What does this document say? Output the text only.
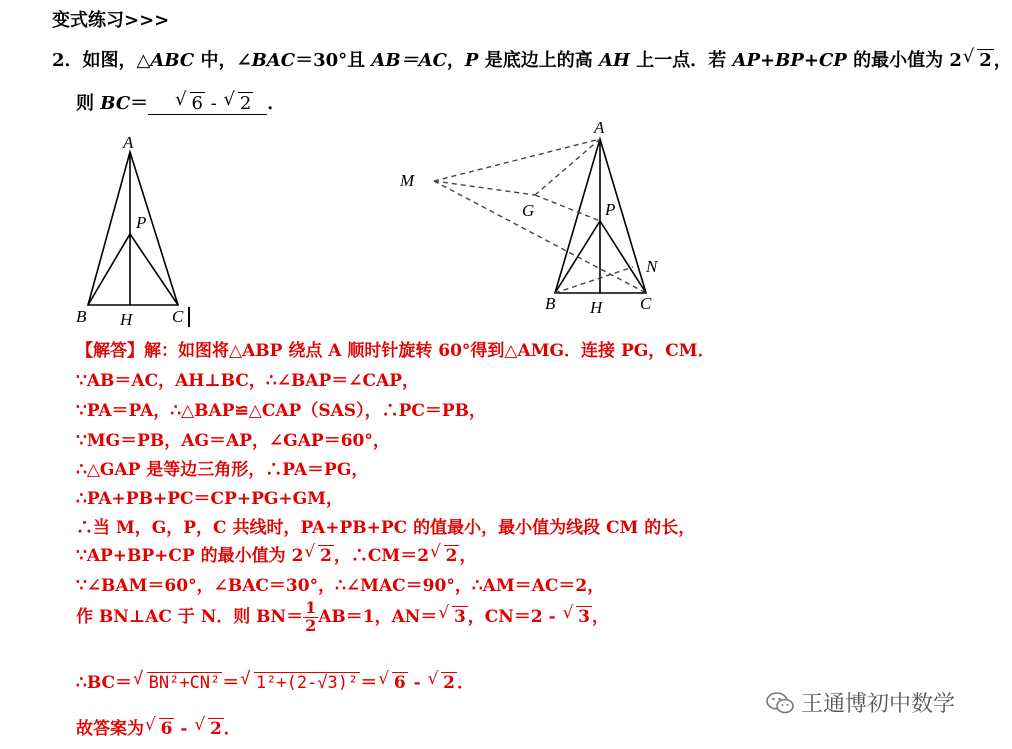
变式练习>>>
2．如图，△ABC 中，∠BAC＝30°且 AB＝AC，P 是底边上的高 AH 上一点．若 AP+BP+CP 的最小值为 2 √ 2 ，
则 BC＝ √ 6 - √ 2 ．
A
P
B H C
A
M
G	P
N
B H C
【解答】解：如图将△ABP 绕点 A 顺时针旋转 60°得到△AMG．连接 PG，CM．
∵AB＝AC，AH⊥BC，∴∠BAP＝∠CAP，
∵PA＝PA，∴△BAP≌△CAP（SAS），∴PC＝PB，
∵MG＝PB，AG＝AP，∠GAP＝60°，
∴△GAP 是等边三角形，∴PA＝PG，
∴PA+PB+PC＝CP+PG+GM，
∴当 M，G，P，C 共线时，PA+PB+PC 的值最小，最小值为线段 CM 的长，
∵AP+BP+CP 的最小值为 2 √ 2 ，∴CM＝2 √ 2 ，
∵∠BAM＝60°，∠BAC＝30°，∴∠MAC＝90°，∴AM＝AC＝2，
作 BN⊥AC 于 N．则 $BN= \frac{1}{2} AB=1$，AN＝ √ 3 ，CN＝2 - √ 3 ，
∴BC＝ √ BN²+CN² ＝ √ 1²+(2-√3)² ＝ √ 6 - √ 2 ．
故答案为 √ 6 - √ 2 ．
王通博初中数学
